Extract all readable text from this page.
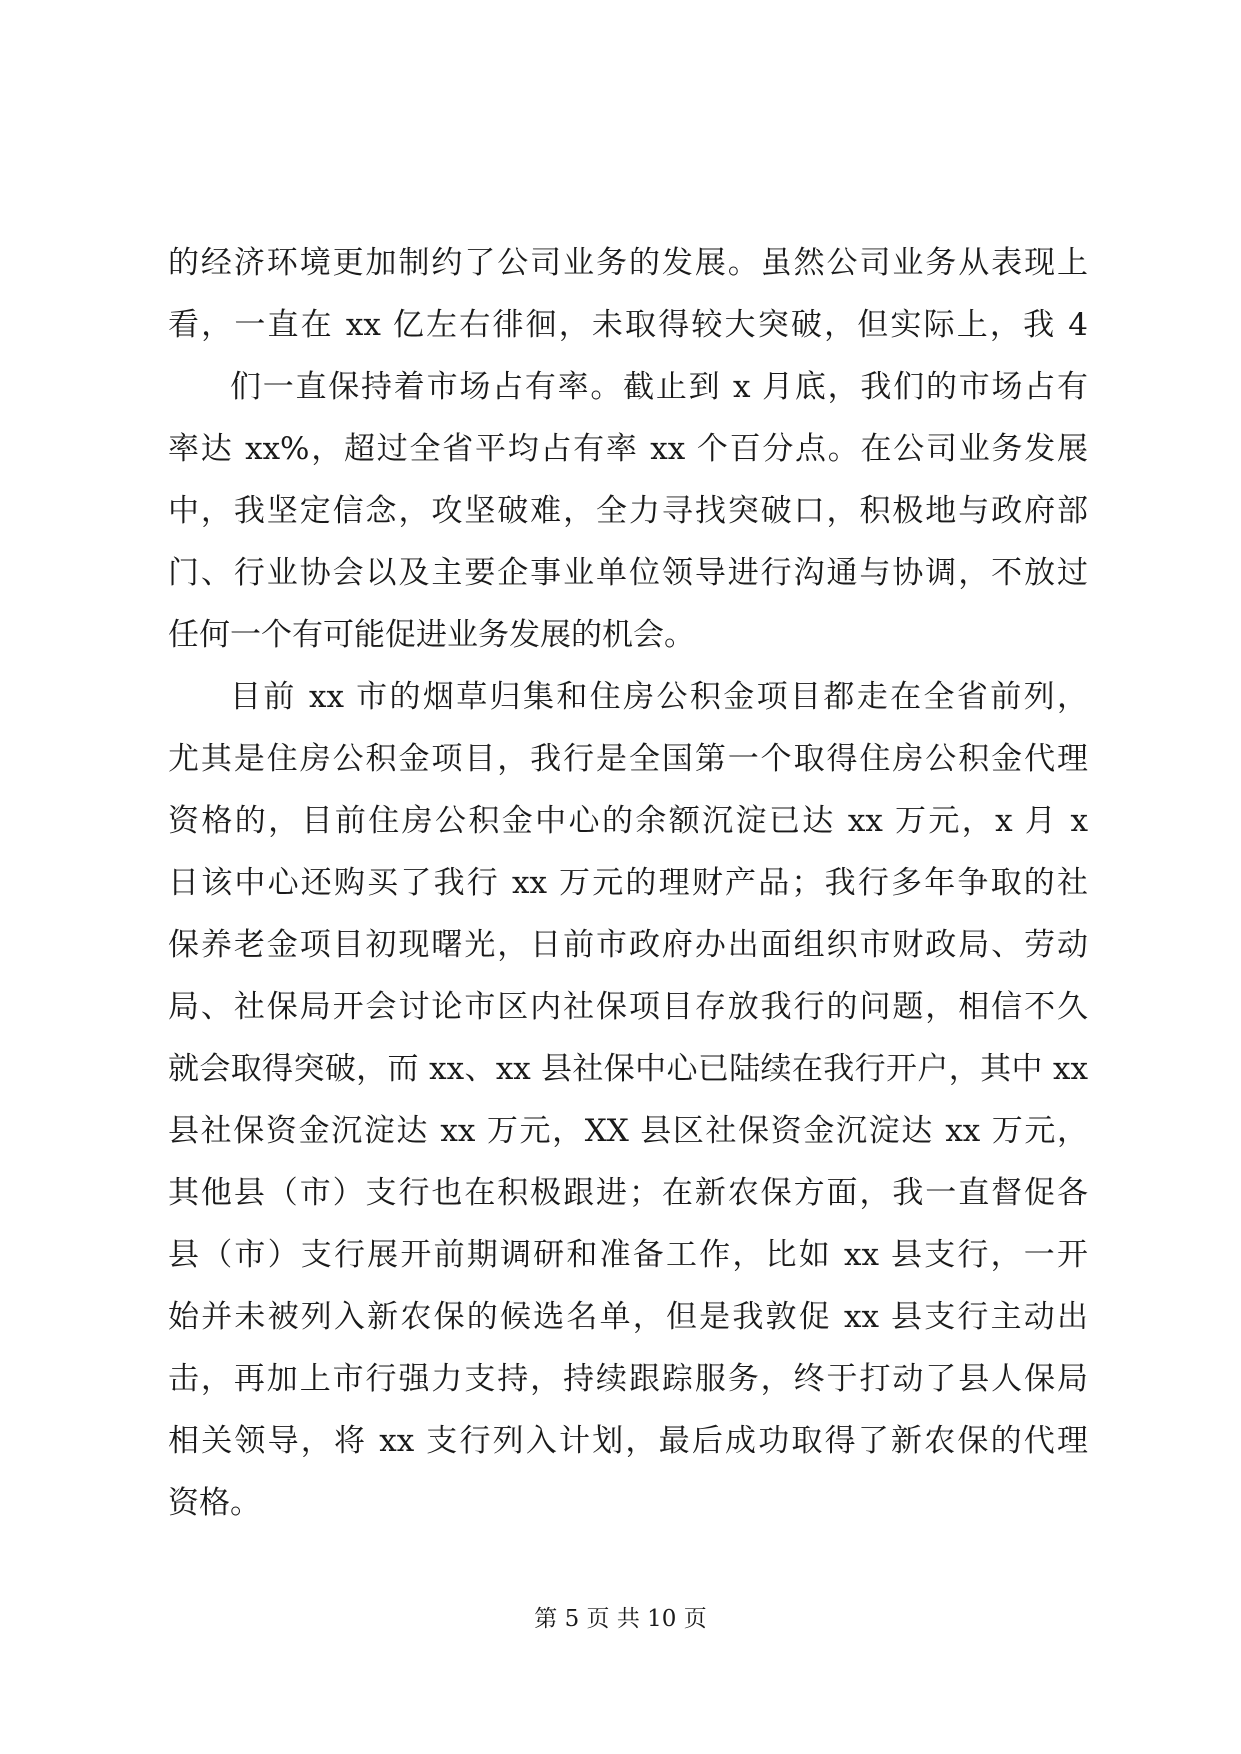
的经济环境更加制约了公司业务的发展。虽然公司业务从表现上
看，一直在 xx 亿左右徘徊，未取得较大突破，但实际上，我 4
们一直保持着市场占有率。截止到 x 月底，我们的市场占有
率达 xx%，超过全省平均占有率 xx 个百分点。在公司业务发展
中，我坚定信念，攻坚破难，全力寻找突破口，积极地与政府部
门、行业协会以及主要企事业单位领导进行沟通与协调，不放过
任何一个有可能促进业务发展的机会。
目前 xx 市的烟草归集和住房公积金项目都走在全省前列，
尤其是住房公积金项目，我行是全国第一个取得住房公积金代理
资格的，目前住房公积金中心的余额沉淀已达 xx 万元，x 月 x
日该中心还购买了我行 xx 万元的理财产品；我行多年争取的社
保养老金项目初现曙光，日前市政府办出面组织市财政局、劳动
局、社保局开会讨论市区内社保项目存放我行的问题，相信不久
就会取得突破，而 xx、xx 县社保中心已陆续在我行开户，其中 xx
县社保资金沉淀达 xx 万元，XX 县区社保资金沉淀达 xx 万元，
其他县（市）支行也在积极跟进；在新农保方面，我一直督促各
县（市）支行展开前期调研和准备工作，比如 xx 县支行，一开
始并未被列入新农保的候选名单，但是我敦促 xx 县支行主动出
击，再加上市行强力支持，持续跟踪服务，终于打动了县人保局
相关领导，将 xx 支行列入计划，最后成功取得了新农保的代理
资格。
第 5 页 共 10 页
